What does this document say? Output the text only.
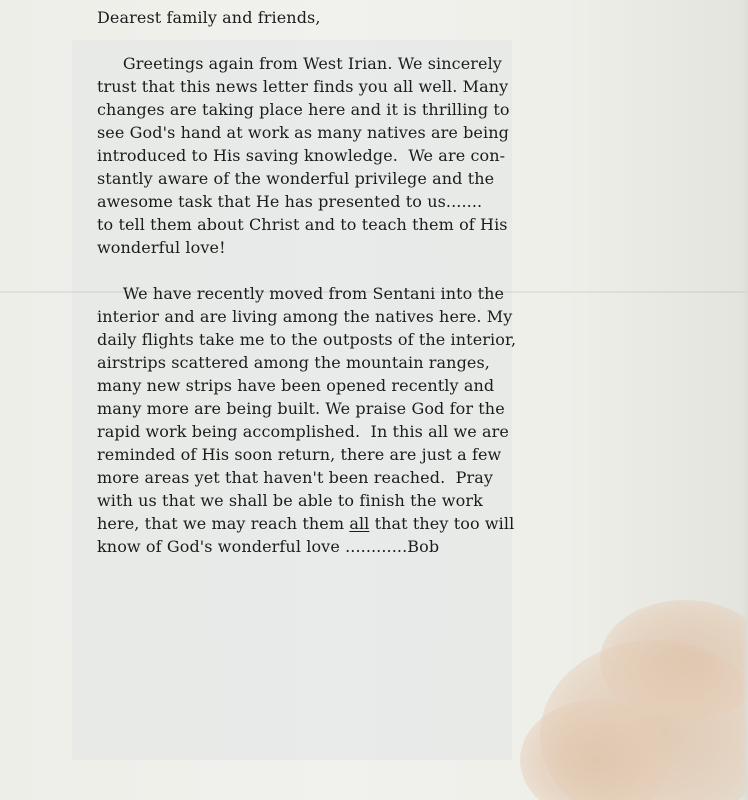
Dearest family and friends,
Greetings again from West Irian. We sincerely
trust that this news letter finds you all well. Many
changes are taking place here and it is thrilling to
see God's hand at work as many natives are being
introduced to His saving knowledge.  We are con-
stantly aware of the wonderful privilege and the
awesome task that He has presented to us.......
to tell them about Christ and to teach them of His
wonderful love!
We have recently moved from Sentani into the
interior and are living among the natives here. My
daily flights take me to the outposts of the interior,
airstrips scattered among the mountain ranges,
many new strips have been opened recently and
many more are being built. We praise God for the
rapid work being accomplished.  In this all we are
reminded of His soon return, there are just a few
more areas yet that haven't been reached.  Pray
with us that we shall be able to finish the work
here, that we may reach them all that they too will
know of God's wonderful love ............Bob
